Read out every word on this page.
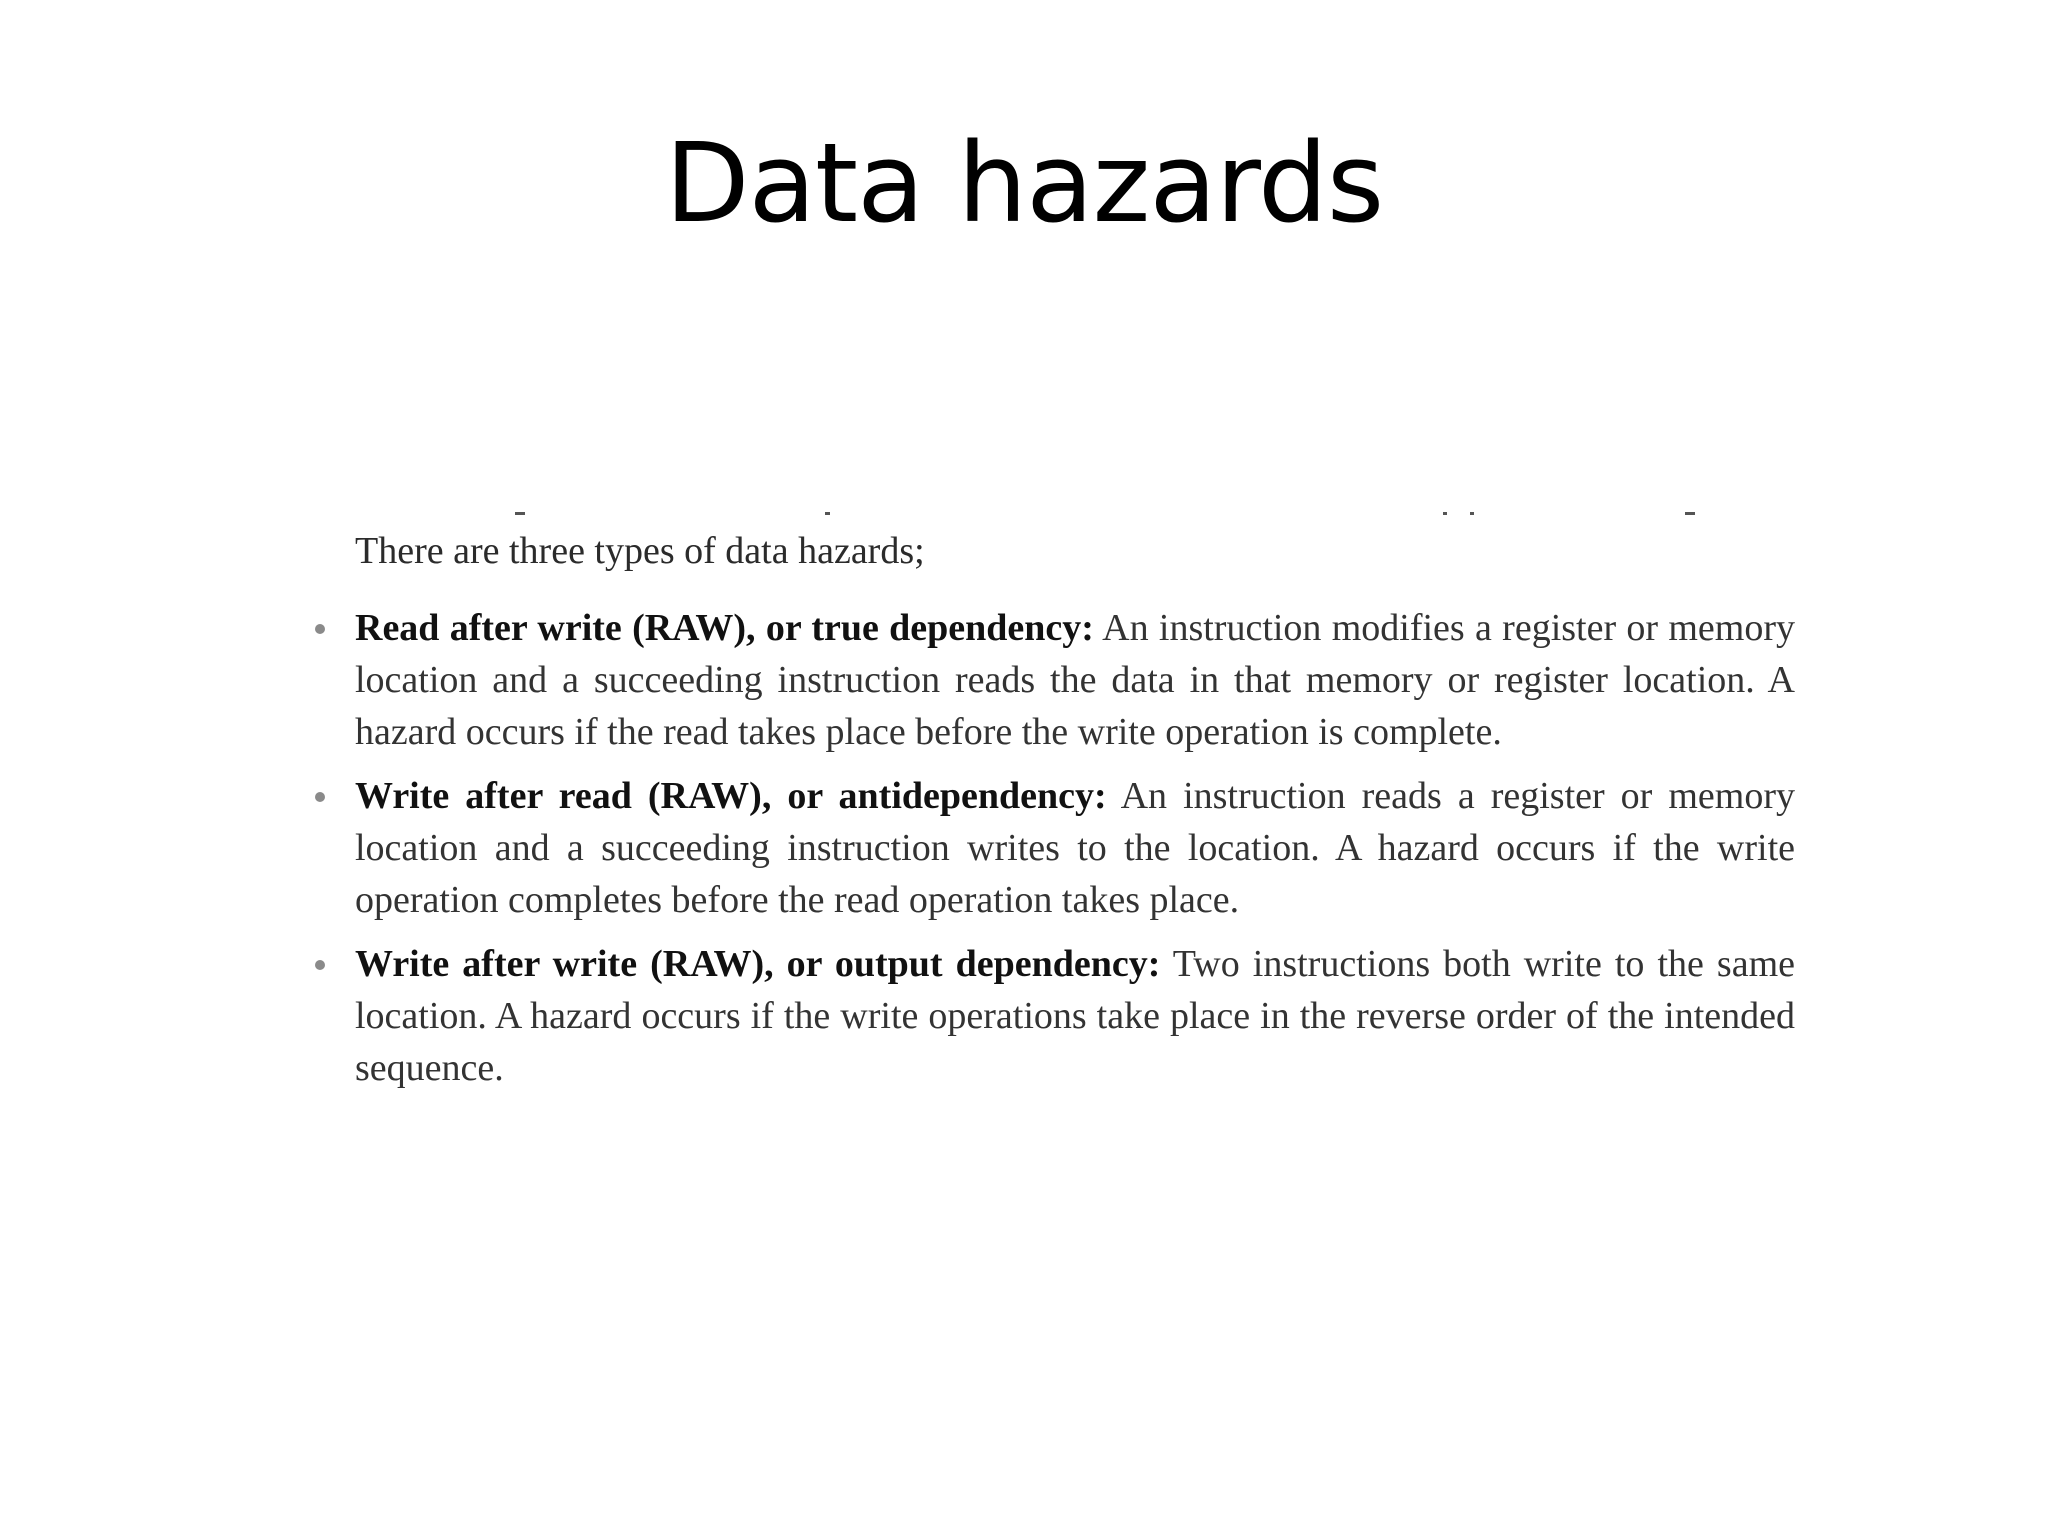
Data hazards
There are three types of data hazards;
Read after write (RAW), or true dependency: An instruction modifies a register or memory location and a succeeding instruction reads the data in that memory or register location. A hazard occurs if the read takes place before the write operation is complete.
Write after read (RAW), or antidependency: An instruction reads a register or memory location and a succeeding instruction writes to the location. A hazard occurs if the write operation completes before the read operation takes place.
Write after write (RAW), or output dependency: Two instructions both write to the same location. A hazard occurs if the write operations take place in the reverse order of the intended sequence.
